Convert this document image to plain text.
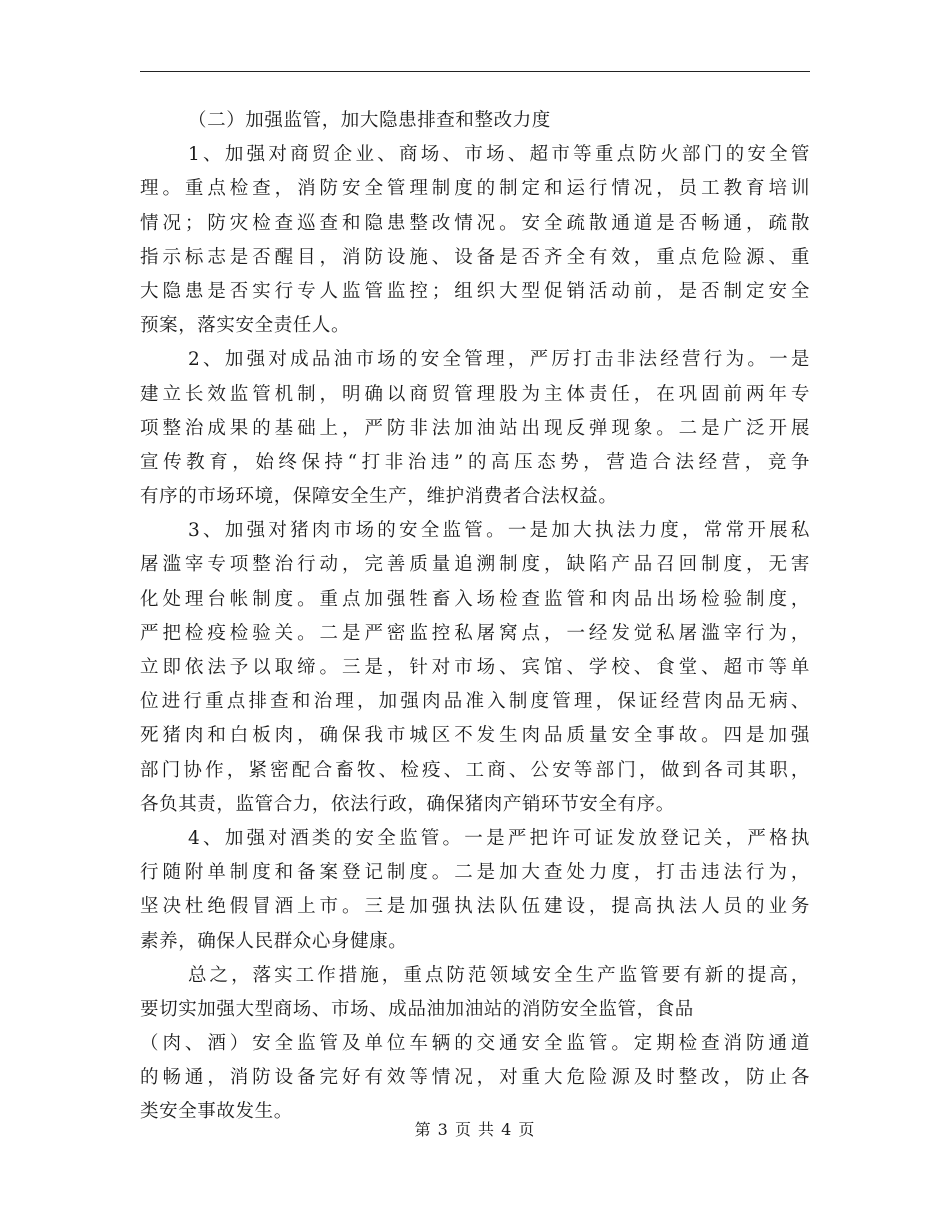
（二）加强监管，加大隐患排查和整改力度
1、加强对商贸企业、商场、市场、超市等重点防火部门的安全管
理。重点检查，消防安全管理制度的制定和运行情况，员工教育培训
情况；防灾检查巡查和隐患整改情况。安全疏散通道是否畅通，疏散
指示标志是否醒目，消防设施、设备是否齐全有效，重点危险源、重
大隐患是否实行专人监管监控；组织大型促销活动前，是否制定安全
预案，落实安全责任人。
2、加强对成品油市场的安全管理，严厉打击非法经营行为。一是
建立长效监管机制，明确以商贸管理股为主体责任，在巩固前两年专
项整治成果的基础上，严防非法加油站出现反弹现象。二是广泛开展
宣传教育，始终保持“打非治违”的高压态势，营造合法经营，竞争
有序的市场环境，保障安全生产，维护消费者合法权益。
3、加强对猪肉市场的安全监管。一是加大执法力度，常常开展私
屠滥宰专项整治行动，完善质量追溯制度，缺陷产品召回制度，无害
化处理台帐制度。重点加强牲畜入场检查监管和肉品出场检验制度，
严把检疫检验关。二是严密监控私屠窝点，一经发觉私屠滥宰行为，
立即依法予以取缔。三是，针对市场、宾馆、学校、食堂、超市等单
位进行重点排查和治理，加强肉品准入制度管理，保证经营肉品无病、
死猪肉和白板肉，确保我市城区不发生肉品质量安全事故。四是加强
部门协作，紧密配合畜牧、检疫、工商、公安等部门，做到各司其职，
各负其责，监管合力，依法行政，确保猪肉产销环节安全有序。
4、加强对酒类的安全监管。一是严把许可证发放登记关，严格执
行随附单制度和备案登记制度。二是加大查处力度，打击违法行为，
坚决杜绝假冒酒上市。三是加强执法队伍建设，提高执法人员的业务
素养，确保人民群众心身健康。
总之，落实工作措施，重点防范领域安全生产监管要有新的提高，
要切实加强大型商场、市场、成品油加油站的消防安全监管，食品
（肉、酒）安全监管及单位车辆的交通安全监管。定期检查消防通道
的畅通，消防设备完好有效等情况，对重大危险源及时整改，防止各
类安全事故发生。
第 3 页 共 4 页
